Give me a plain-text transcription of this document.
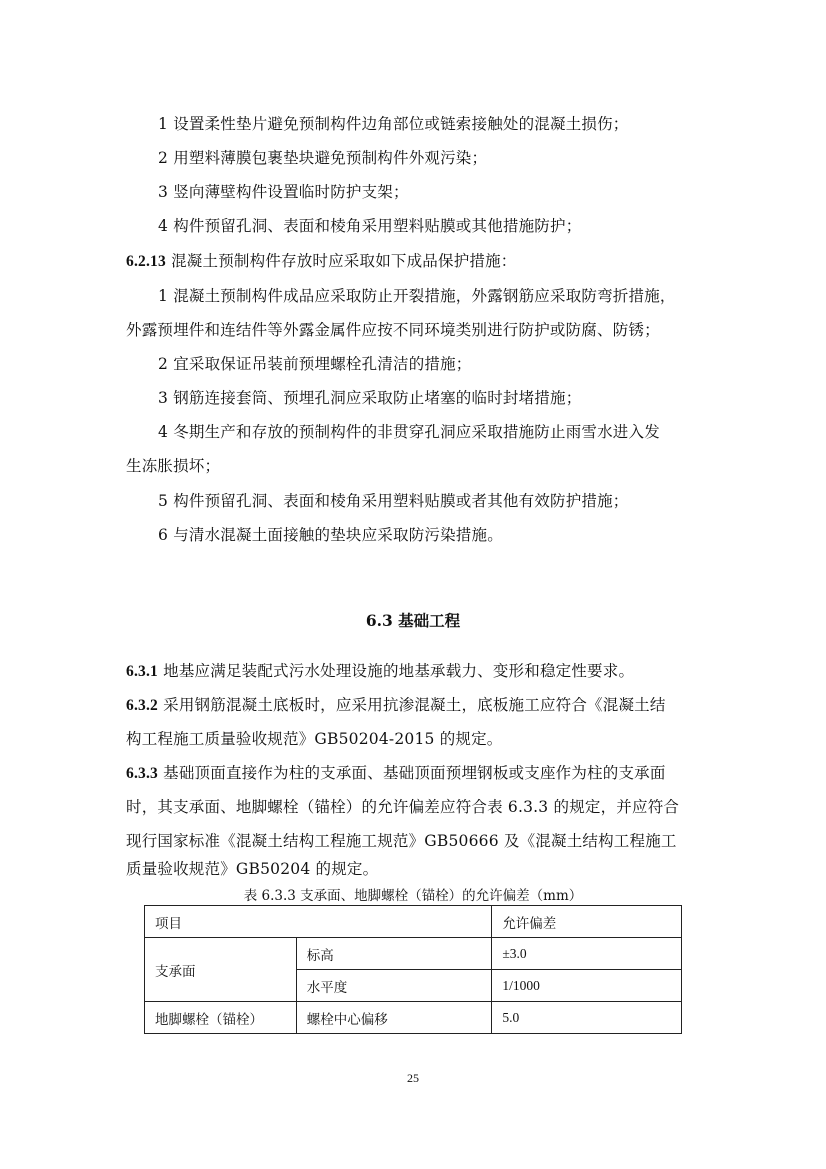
1 设置柔性垫片避免预制构件边角部位或链索接触处的混凝土损伤；
2 用塑料薄膜包裹垫块避免预制构件外观污染；
3 竖向薄壁构件设置临时防护支架；
4 构件预留孔洞、表面和棱角采用塑料贴膜或其他措施防护；
6.2.13 混凝土预制构件存放时应采取如下成品保护措施：
1 混凝土预制构件成品应采取防止开裂措施，外露钢筋应采取防弯折措施，
外露预埋件和连结件等外露金属件应按不同环境类别进行防护或防腐、防锈；
2 宜采取保证吊装前预埋螺栓孔清洁的措施；
3 钢筋连接套筒、预埋孔洞应采取防止堵塞的临时封堵措施；
4 冬期生产和存放的预制构件的非贯穿孔洞应采取措施防止雨雪水进入发
生冻胀损坏；
5 构件预留孔洞、表面和棱角采用塑料贴膜或者其他有效防护措施；
6 与清水混凝土面接触的垫块应采取防污染措施。
6.3 基础工程
6.3.1 地基应满足装配式污水处理设施的地基承载力、变形和稳定性要求。
6.3.2 采用钢筋混凝土底板时，应采用抗渗混凝土，底板施工应符合《混凝土结
构工程施工质量验收规范》GB50204-2015 的规定。
6.3.3 基础顶面直接作为柱的支承面、基础顶面预埋钢板或支座作为柱的支承面
时，其支承面、地脚螺栓（锚栓）的允许偏差应符合表 6.3.3 的规定，并应符合
现行国家标准《混凝土结构工程施工规范》GB50666 及《混凝土结构工程施工
质量验收规范》GB50204 的规定。
表 6.3.3 支承面、地脚螺栓（锚栓）的允许偏差（mm）
项目		允许偏差
支承面	标高	±3.0
	水平度	1/1000
地脚螺栓（锚栓）	螺栓中心偏移	5.0
25
